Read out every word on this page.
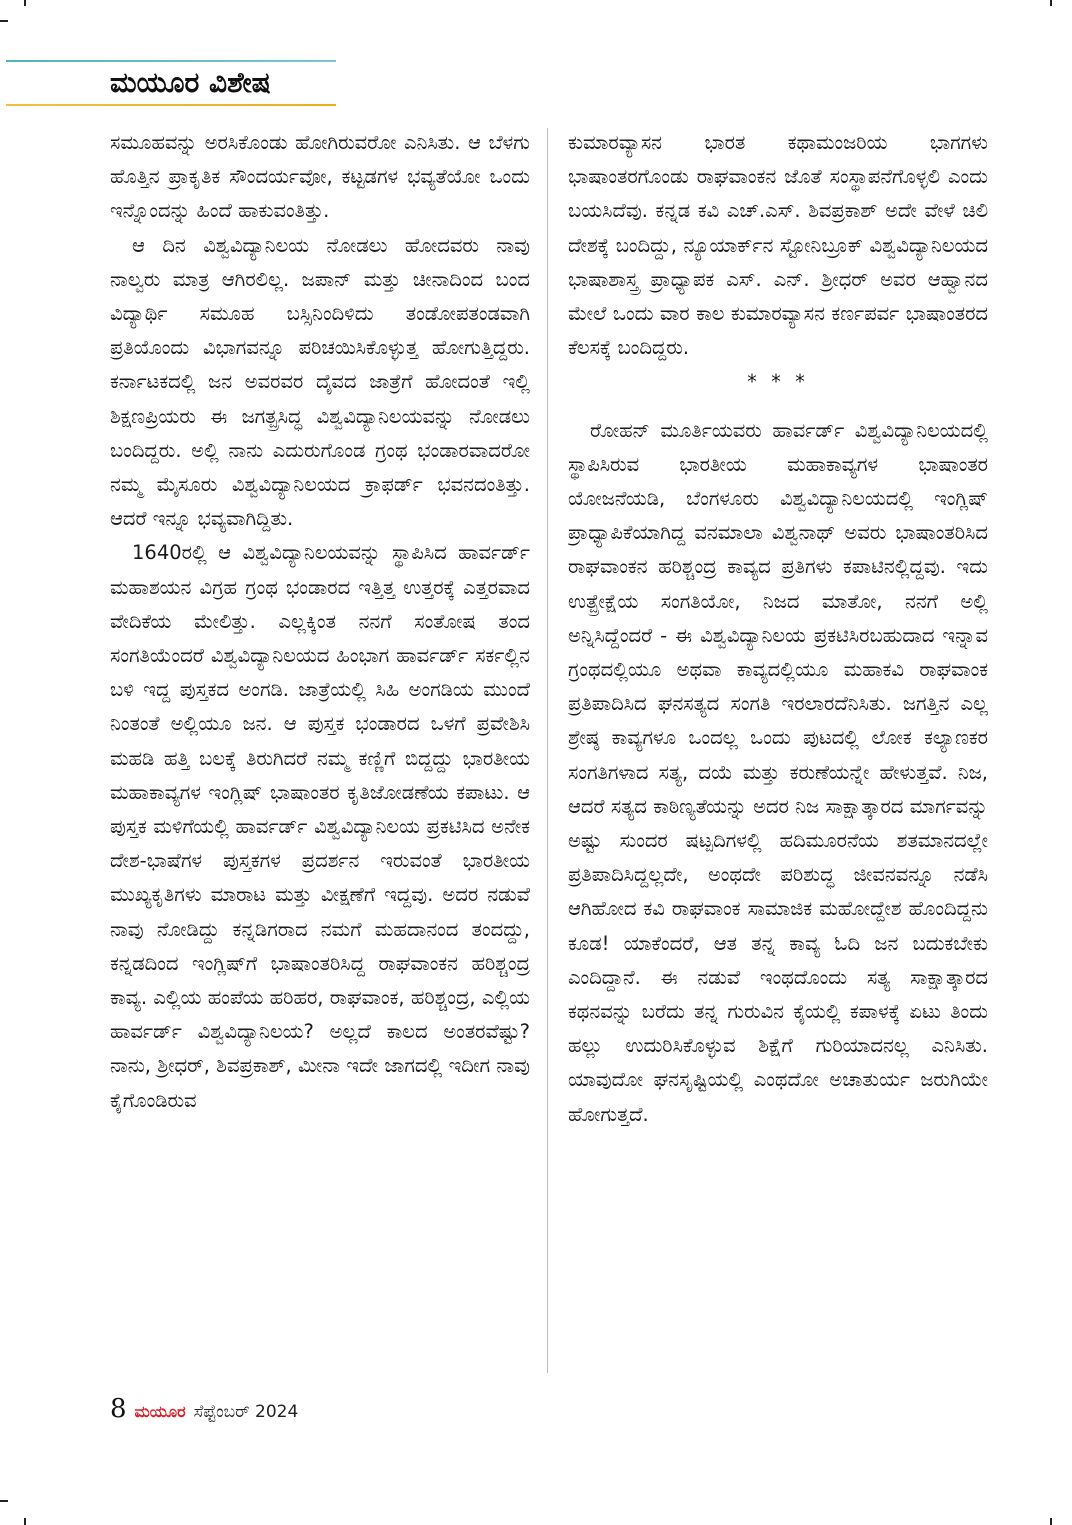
ಮಯೂರ ವಿಶೇಷ

ಸಮೂಹವನ್ನು ಅರಸಿಕೊಂಡು ಹೋಗಿರುವರೋ ಎನಿಸಿತು. ಆ ಬೆಳಗು ಹೊತ್ತಿನ ಪ್ರಾಕೃತಿಕ ಸೌಂದರ್ಯವೋ, ಕಟ್ಟಡಗಳ ಭವ್ಯತೆಯೋ ಒಂದು ಇನ್ನೊಂದನ್ನು ಹಿಂದೆ ಹಾಕುವಂತಿತ್ತು.

ಆ ದಿನ ವಿಶ್ವವಿದ್ಯಾನಿಲಯ ನೋಡಲು ಹೋದವರು ನಾವು ನಾಲ್ವರು ಮಾತ್ರ ಆಗಿರಲಿಲ್ಲ. ಜಪಾನ್ ಮತ್ತು ಚೀನಾದಿಂದ ಬಂದ ವಿದ್ಯಾರ್ಥಿ ಸಮೂಹ ಬಸ್ಸಿನಿಂದಿಳಿದು ತಂಡೋಪತಂಡವಾಗಿ ಪ್ರತಿಯೊಂದು ವಿಭಾಗವನ್ನೂ ಪರಿಚಯಿಸಿಕೊಳ್ಳುತ್ತ ಹೋಗುತ್ತಿದ್ದರು. ಕರ್ನಾಟಕದಲ್ಲಿ ಜನ ಅವರವರ ದೈವದ ಜಾತ್ರೆಗೆ ಹೋದಂತೆ ಇಲ್ಲಿ ಶಿಕ್ಷಣಪ್ರಿಯರು ಈ ಜಗತ್ಪ್ರಸಿದ್ಧ ವಿಶ್ವವಿದ್ಯಾನಿಲಯವನ್ನು ನೋಡಲು ಬಂದಿದ್ದರು. ಅಲ್ಲಿ ನಾನು ಎದುರುಗೊಂಡ ಗ್ರಂಥ ಭಂಡಾರವಾದರೋ ನಮ್ಮ ಮೈಸೂರು ವಿಶ್ವವಿದ್ಯಾನಿಲಯದ ಕ್ರಾಫರ್ಡ್ ಭವನದಂತಿತ್ತು. ಆದರೆ ಇನ್ನೂ ಭವ್ಯವಾಗಿದ್ದಿತು.

1640ರಲ್ಲಿ ಆ ವಿಶ್ವವಿದ್ಯಾನಿಲಯವನ್ನು ಸ್ಥಾಪಿಸಿದ ಹಾರ್ವರ್ಡ್ ಮಹಾಶಯನ ವಿಗ್ರಹ ಗ್ರಂಥ ಭಂಡಾರದ ಇತ್ತಿತ್ತ ಉತ್ತರಕ್ಕೆ ಎತ್ತರವಾದ ವೇದಿಕೆಯ ಮೇಲಿತ್ತು. ಎಲ್ಲಕ್ಕಿಂತ ನನಗೆ ಸಂತೋಷ ತಂದ ಸಂಗತಿಯೆಂದರೆ ವಿಶ್ವವಿದ್ಯಾನಿಲಯದ ಹಿಂಭಾಗ ಹಾರ್ವರ್ಡ್ ಸರ್ಕಲ್ಲಿನ ಬಳಿ ಇದ್ದ ಪುಸ್ತಕದ ಅಂಗಡಿ. ಜಾತ್ರೆಯಲ್ಲಿ ಸಿಹಿ ಅಂಗಡಿಯ ಮುಂದೆ ನಿಂತಂತೆ ಅಲ್ಲಿಯೂ ಜನ. ಆ ಪುಸ್ತಕ ಭಂಡಾರದ ಒಳಗೆ ಪ್ರವೇಶಿಸಿ ಮಹಡಿ ಹತ್ತಿ ಬಲಕ್ಕೆ ತಿರುಗಿದರೆ ನಮ್ಮ ಕಣ್ಣಿಗೆ ಬಿದ್ದದ್ದು ಭಾರತೀಯ ಮಹಾಕಾವ್ಯಗಳ ಇಂಗ್ಲಿಷ್ ಭಾಷಾಂತರ ಕೃತಿಜೋಡಣೆಯ ಕಪಾಟು. ಆ ಪುಸ್ತಕ ಮಳಿಗೆಯಲ್ಲಿ ಹಾರ್ವರ್ಡ್ ವಿಶ್ವವಿದ್ಯಾನಿಲಯ ಪ್ರಕಟಿಸಿದ ಅನೇಕ ದೇಶ-ಭಾಷೆಗಳ ಪುಸ್ತಕಗಳ ಪ್ರದರ್ಶನ ಇರುವಂತೆ ಭಾರತೀಯ ಮುಖ್ಯಕೃತಿಗಳು ಮಾರಾಟ ಮತ್ತು ವೀಕ್ಷಣೆಗೆ ಇದ್ದವು. ಅದರ ನಡುವೆ ನಾವು ನೋಡಿದ್ದು ಕನ್ನಡಿಗರಾದ ನಮಗೆ ಮಹದಾನಂದ ತಂದದ್ದು, ಕನ್ನಡದಿಂದ ಇಂಗ್ಲಿಷ್‌ಗೆ ಭಾಷಾಂತರಿಸಿದ್ದ ರಾಘವಾಂಕನ ಹರಿಶ್ಚಂದ್ರ ಕಾವ್ಯ. ಎಲ್ಲಿಯ ಹಂಪೆಯ ಹರಿಹರ, ರಾಘವಾಂಕ, ಹರಿಶ್ಚಂದ್ರ, ಎಲ್ಲಿಯ ಹಾರ್ವರ್ಡ್ ವಿಶ್ವವಿದ್ಯಾನಿಲಯ? ಅಲ್ಲದೆ ಕಾಲದ ಅಂತರವೆಷ್ಟು? ನಾನು, ಶ್ರೀಧರ್, ಶಿವಪ್ರಕಾಶ್, ಮೀನಾ ಇದೇ ಜಾಗದಲ್ಲಿ ಇದೀಗ ನಾವು ಕೈಗೊಂಡಿರುವ

ಕುಮಾರವ್ಯಾಸನ ಭಾರತ ಕಥಾಮಂಜರಿಯ ಭಾಗಗಳು ಭಾಷಾಂತರಗೊಂಡು ರಾಘವಾಂಕನ ಜೊತೆ ಸಂಸ್ಥಾಪನೆಗೊಳ್ಳಲಿ ಎಂದು ಬಯಸಿದೆವು. ಕನ್ನಡ ಕವಿ ಎಚ್.ಎಸ್. ಶಿವಪ್ರಕಾಶ್ ಅದೇ ವೇಳೆ ಚಿಲಿ ದೇಶಕ್ಕೆ ಬಂದಿದ್ದು, ನ್ಯೂಯಾರ್ಕ್‌ನ ಸ್ಟೋನಿಬ್ರೂಕ್ ವಿಶ್ವವಿದ್ಯಾನಿಲಯದ ಭಾಷಾಶಾಸ್ತ್ರ ಪ್ರಾಧ್ಯಾಪಕ ಎಸ್. ಎನ್. ಶ್ರೀಧರ್ ಅವರ ಆಹ್ವಾನದ ಮೇಲೆ ಒಂದು ವಾರ ಕಾಲ ಕುಮಾರವ್ಯಾಸನ ಕರ್ಣಪರ್ವ ಭಾಷಾಂತರದ ಕೆಲಸಕ್ಕೆ ಬಂದಿದ್ದರು.

* * *

ರೋಹನ್ ಮೂರ್ತಿಯವರು ಹಾರ್ವರ್ಡ್ ವಿಶ್ವವಿದ್ಯಾನಿಲಯದಲ್ಲಿ ಸ್ಥಾಪಿಸಿರುವ ಭಾರತೀಯ ಮಹಾಕಾವ್ಯಗಳ ಭಾಷಾಂತರ ಯೋಜನೆಯಡಿ, ಬೆಂಗಳೂರು ವಿಶ್ವವಿದ್ಯಾನಿಲಯದಲ್ಲಿ ಇಂಗ್ಲಿಷ್ ಪ್ರಾಧ್ಯಾಪಿಕೆಯಾಗಿದ್ದ ವನಮಾಲಾ ವಿಶ್ವನಾಥ್ ಅವರು ಭಾಷಾಂತರಿಸಿದ ರಾಘವಾಂಕನ ಹರಿಶ್ಚಂದ್ರ ಕಾವ್ಯದ ಪ್ರತಿಗಳು ಕಪಾಟಿನಲ್ಲಿದ್ದವು. ಇದು ಉತ್ಪ್ರೇಕ್ಷೆಯ ಸಂಗತಿಯೋ, ನಿಜದ ಮಾತೋ, ನನಗೆ ಅಲ್ಲಿ ಅನ್ನಿಸಿದ್ದೆಂದರೆ - ಈ ವಿಶ್ವವಿದ್ಯಾನಿಲಯ ಪ್ರಕಟಿಸಿರಬಹುದಾದ ಇನ್ನಾವ ಗ್ರಂಥದಲ್ಲಿಯೂ ಅಥವಾ ಕಾವ್ಯದಲ್ಲಿಯೂ ಮಹಾಕವಿ ರಾಘವಾಂಕ ಪ್ರತಿಪಾದಿಸಿದ ಘನಸತ್ಯದ ಸಂಗತಿ ಇರಲಾರದೆನಿಸಿತು. ಜಗತ್ತಿನ ಎಲ್ಲ ಶ್ರೇಷ್ಠ ಕಾವ್ಯಗಳೂ ಒಂದಲ್ಲ ಒಂದು ಪುಟದಲ್ಲಿ ಲೋಕ ಕಲ್ಯಾಣಕರ ಸಂಗತಿಗಳಾದ ಸತ್ಯ, ದಯೆ ಮತ್ತು ಕರುಣೆಯನ್ನೇ ಹೇಳುತ್ತವೆ. ನಿಜ, ಆದರೆ ಸತ್ಯದ ಕಾಠಿಣ್ಯತೆಯನ್ನು ಅದರ ನಿಜ ಸಾಕ್ಷಾತ್ಕಾರದ ಮಾರ್ಗವನ್ನು ಅಷ್ಟು ಸುಂದರ ಷಟ್ಪದಿಗಳಲ್ಲಿ ಹದಿಮೂರನೆಯ ಶತಮಾನದಲ್ಲೇ ಪ್ರತಿಪಾದಿಸಿದ್ದಲ್ಲದೇ, ಅಂಥದೇ ಪರಿಶುದ್ಧ ಜೀವನವನ್ನೂ ನಡೆಸಿ ಆಗಿಹೋದ ಕವಿ ರಾಘವಾಂಕ ಸಾಮಾಜಿಕ ಮಹೋದ್ದೇಶ ಹೊಂದಿದ್ದನು ಕೂಡ! ಯಾಕೆಂದರೆ, ಆತ ತನ್ನ ಕಾವ್ಯ ಓದಿ ಜನ ಬದುಕಬೇಕು ಎಂದಿದ್ದಾನೆ. ಈ ನಡುವೆ ಇಂಥದೊಂದು ಸತ್ಯ ಸಾಕ್ಷಾತ್ಕಾರದ ಕಥನವನ್ನು ಬರೆದು ತನ್ನ ಗುರುವಿನ ಕೈಯಲ್ಲಿ ಕಪಾಳಕ್ಕೆ ಏಟು ತಿಂದು ಹಲ್ಲು ಉದುರಿಸಿಕೊಳ್ಳುವ ಶಿಕ್ಷೆಗೆ ಗುರಿಯಾದನಲ್ಲ ಎನಿಸಿತು. ಯಾವುದೋ ಘನಸೃಷ್ಟಿಯಲ್ಲಿ ಎಂಥದೋ ಅಚಾತುರ್ಯ ಜರುಗಿಯೇ ಹೋಗುತ್ತದೆ.

8 ಮಯೂರ ಸೆಪ್ಟೆಂಬರ್ 2024
